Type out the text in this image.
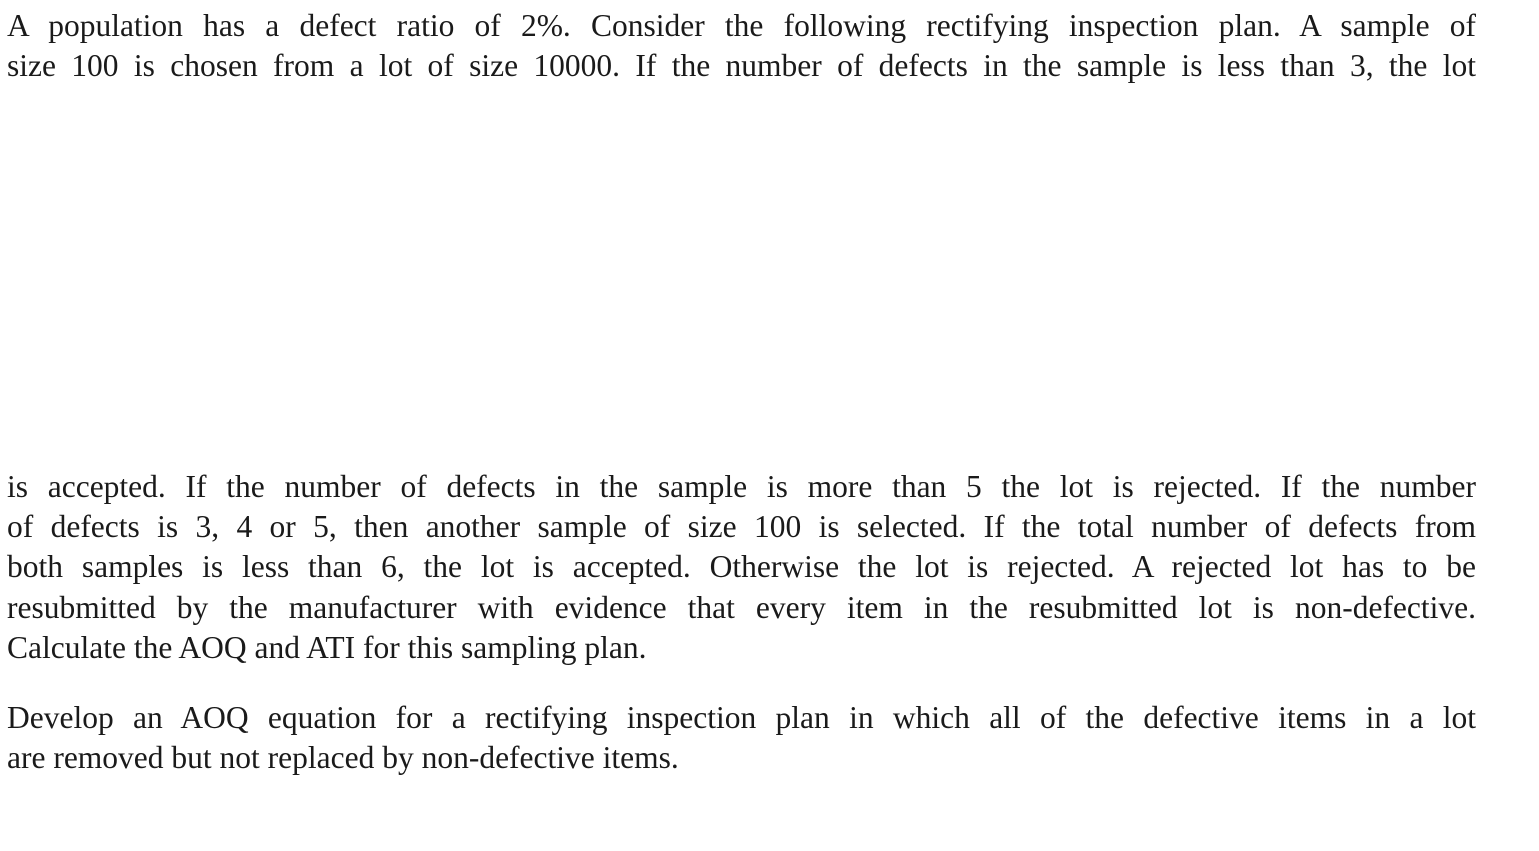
A population has a defect ratio of 2%. Consider the following rectifying inspection plan. A sample of
size 100 is chosen from a lot of size 10000. If the number of defects in the sample is less than 3, the lot
is accepted. If the number of defects in the sample is more than 5 the lot is rejected. If the number
of defects is 3, 4 or 5, then another sample of size 100 is selected. If the total number of defects from
both samples is less than 6, the lot is accepted. Otherwise the lot is rejected. A rejected lot has to be
resubmitted by the manufacturer with evidence that every item in the resubmitted lot is non-defective.
Calculate the AOQ and ATI for this sampling plan.
Develop an AOQ equation for a rectifying inspection plan in which all of the defective items in a lot
are removed but not replaced by non-defective items.
